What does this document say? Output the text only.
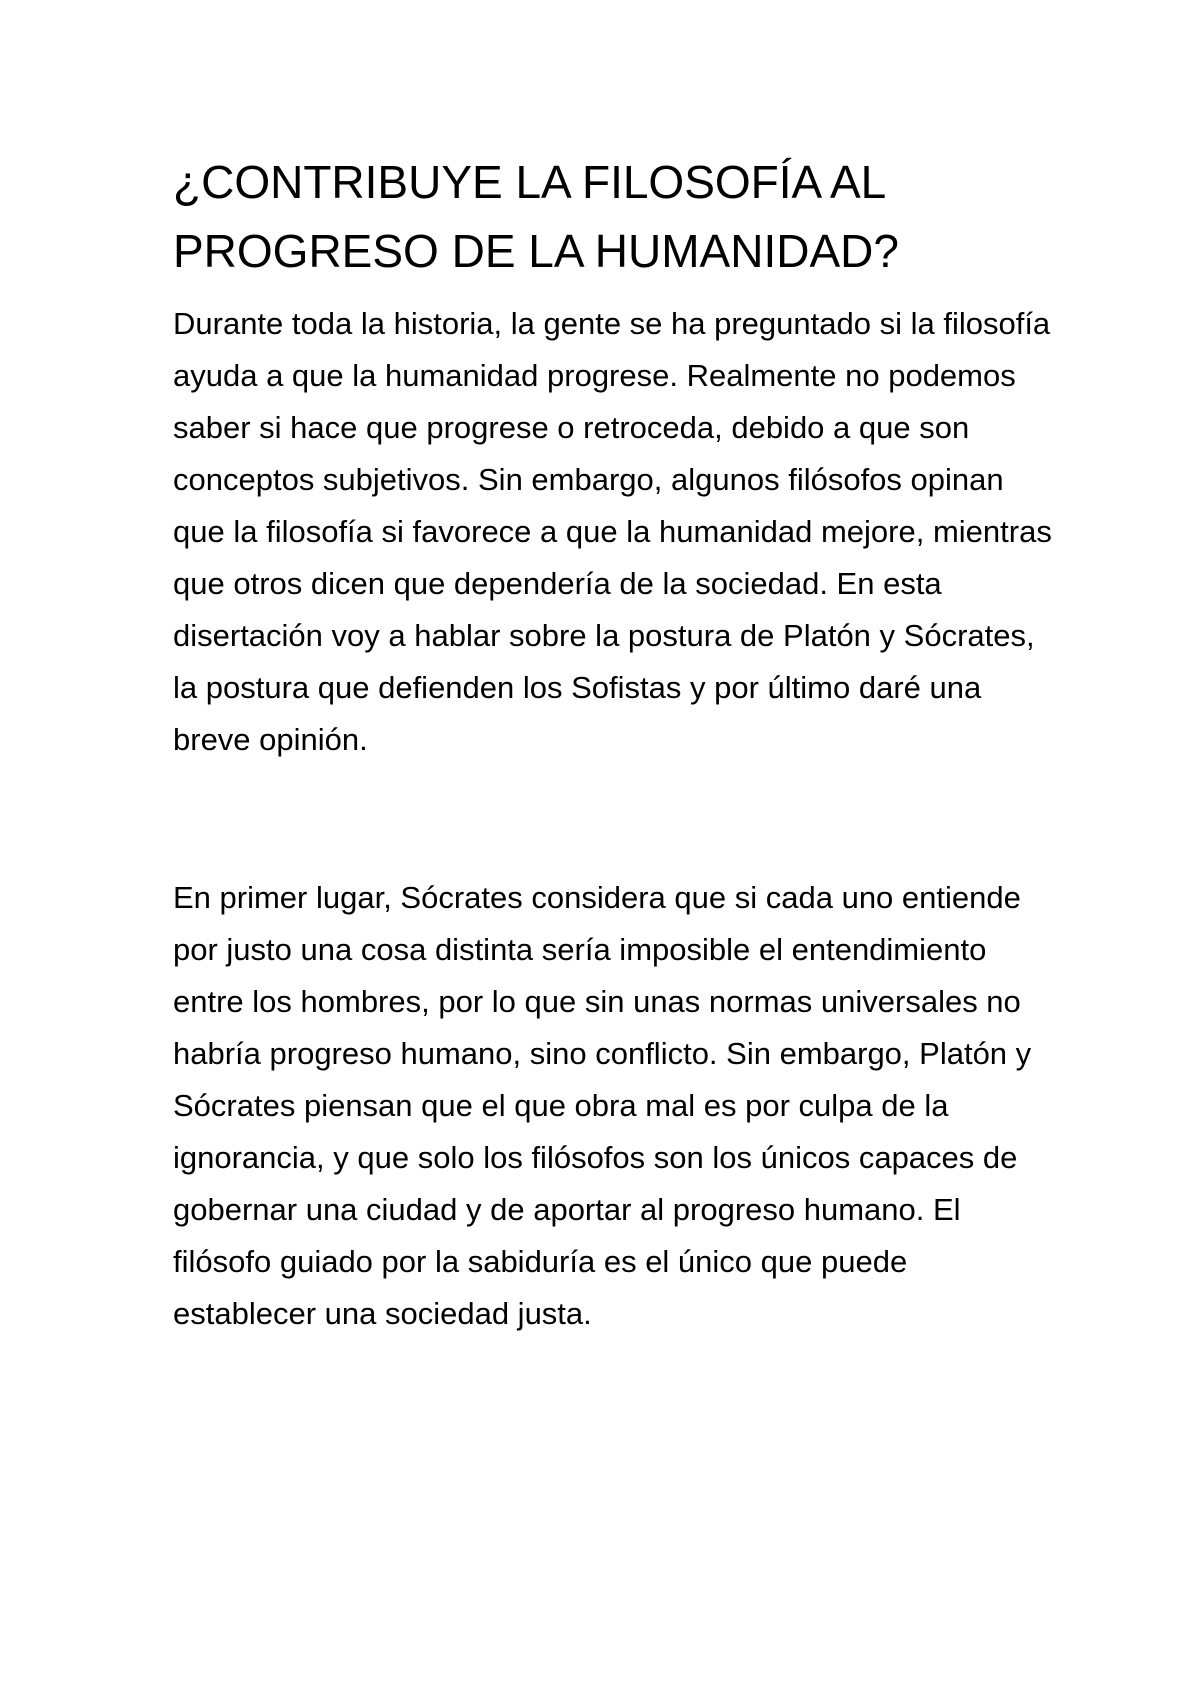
¿CONTRIBUYE LA FILOSOFÍA AL PROGRESO DE LA HUMANIDAD?

Durante toda la historia, la gente se ha preguntado si la filosofía ayuda a que la humanidad progrese. Realmente no podemos saber si hace que progrese o retroceda, debido a que son conceptos subjetivos. Sin embargo, algunos filósofos opinan que la filosofía si favorece a que la humanidad mejore, mientras que otros dicen que dependería de la sociedad. En esta disertación voy a hablar sobre la postura de Platón y Sócrates, la postura que defienden los Sofistas y por último daré una breve opinión.

En primer lugar, Sócrates considera que si cada uno entiende por justo una cosa distinta sería imposible el entendimiento entre los hombres, por lo que sin unas normas universales no habría progreso humano, sino conflicto. Sin embargo, Platón y Sócrates piensan que el que obra mal es por culpa de la ignorancia, y que solo los filósofos son los únicos capaces de gobernar una ciudad y de aportar al progreso humano. El filósofo guiado por la sabiduría es el único que puede establecer una sociedad justa.
